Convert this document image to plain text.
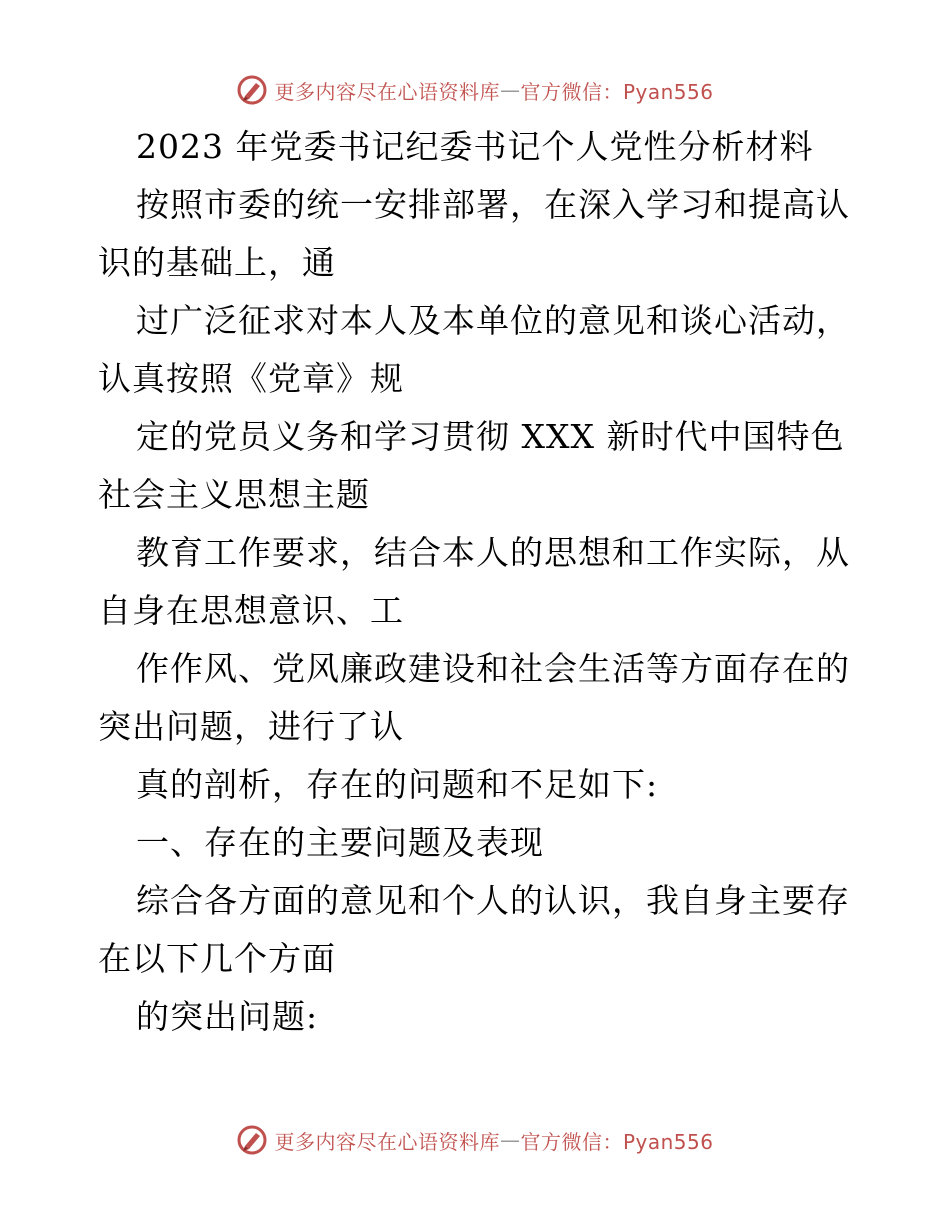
更多内容尽在心语资料库 — 官方微信：Pyan556
2023 年党委书记纪委书记个人党性分析材料
按照市委的统一安排部署，在深入学习和提高认
识的基础上，通
过广泛征求对本人及本单位的意见和谈心活动，
认真按照《党章》规
定的党员义务和学习贯彻 XXX 新时代中国特色
社会主义思想主题
教育工作要求，结合本人的思想和工作实际，从
自身在思想意识、工
作作风、党风廉政建设和社会生活等方面存在的
突出问题，进行了认
真的剖析，存在的问题和不足如下:
一、存在的主要问题及表现
综合各方面的意见和个人的认识，我自身主要存
在以下几个方面
的突出问题:
更多内容尽在心语资料库 — 官方微信：Pyan556
